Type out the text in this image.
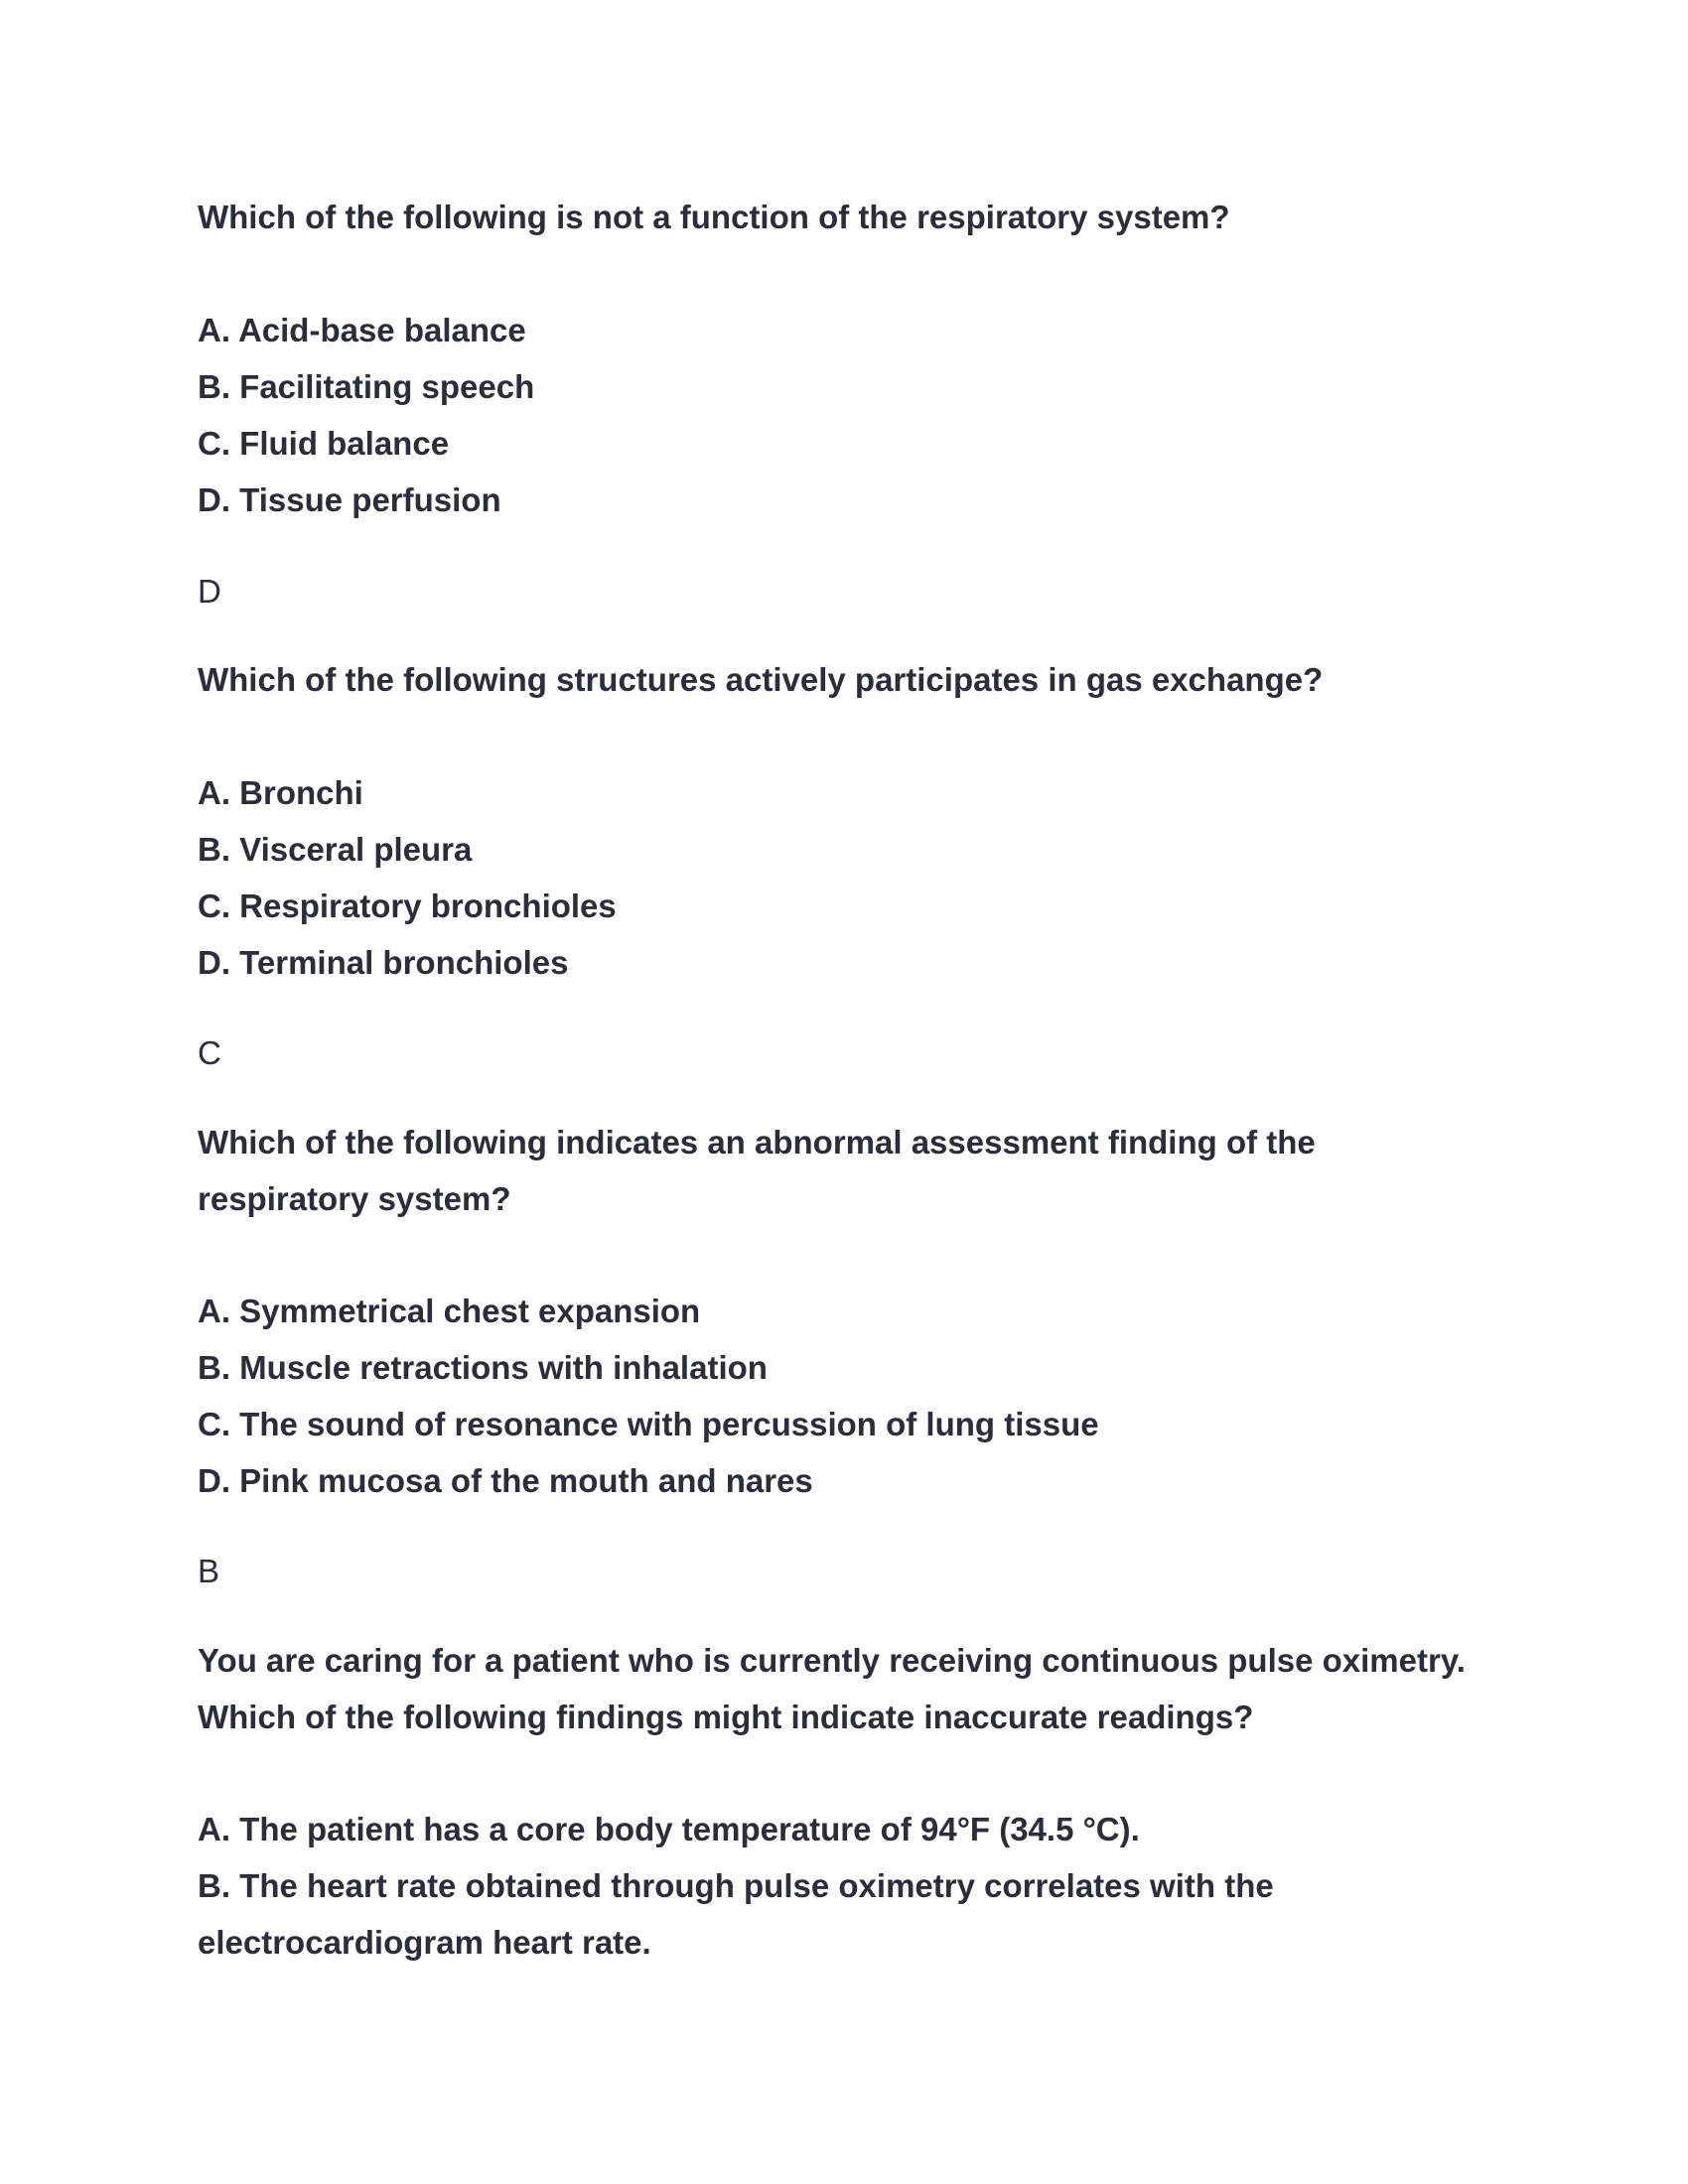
Which of the following is not a function of the respiratory system?

A. Acid-base balance
B. Facilitating speech
C. Fluid balance
D. Tissue perfusion

D

Which of the following structures actively participates in gas exchange?

A. Bronchi
B. Visceral pleura
C. Respiratory bronchioles
D. Terminal bronchioles

C

Which of the following indicates an abnormal assessment finding of the respiratory system?

A. Symmetrical chest expansion
B. Muscle retractions with inhalation
C. The sound of resonance with percussion of lung tissue
D. Pink mucosa of the mouth and nares

B

You are caring for a patient who is currently receiving continuous pulse oximetry. Which of the following findings might indicate inaccurate readings?

A. The patient has a core body temperature of 94°F (34.5 °C).
B. The heart rate obtained through pulse oximetry correlates with the electrocardiogram heart rate.
